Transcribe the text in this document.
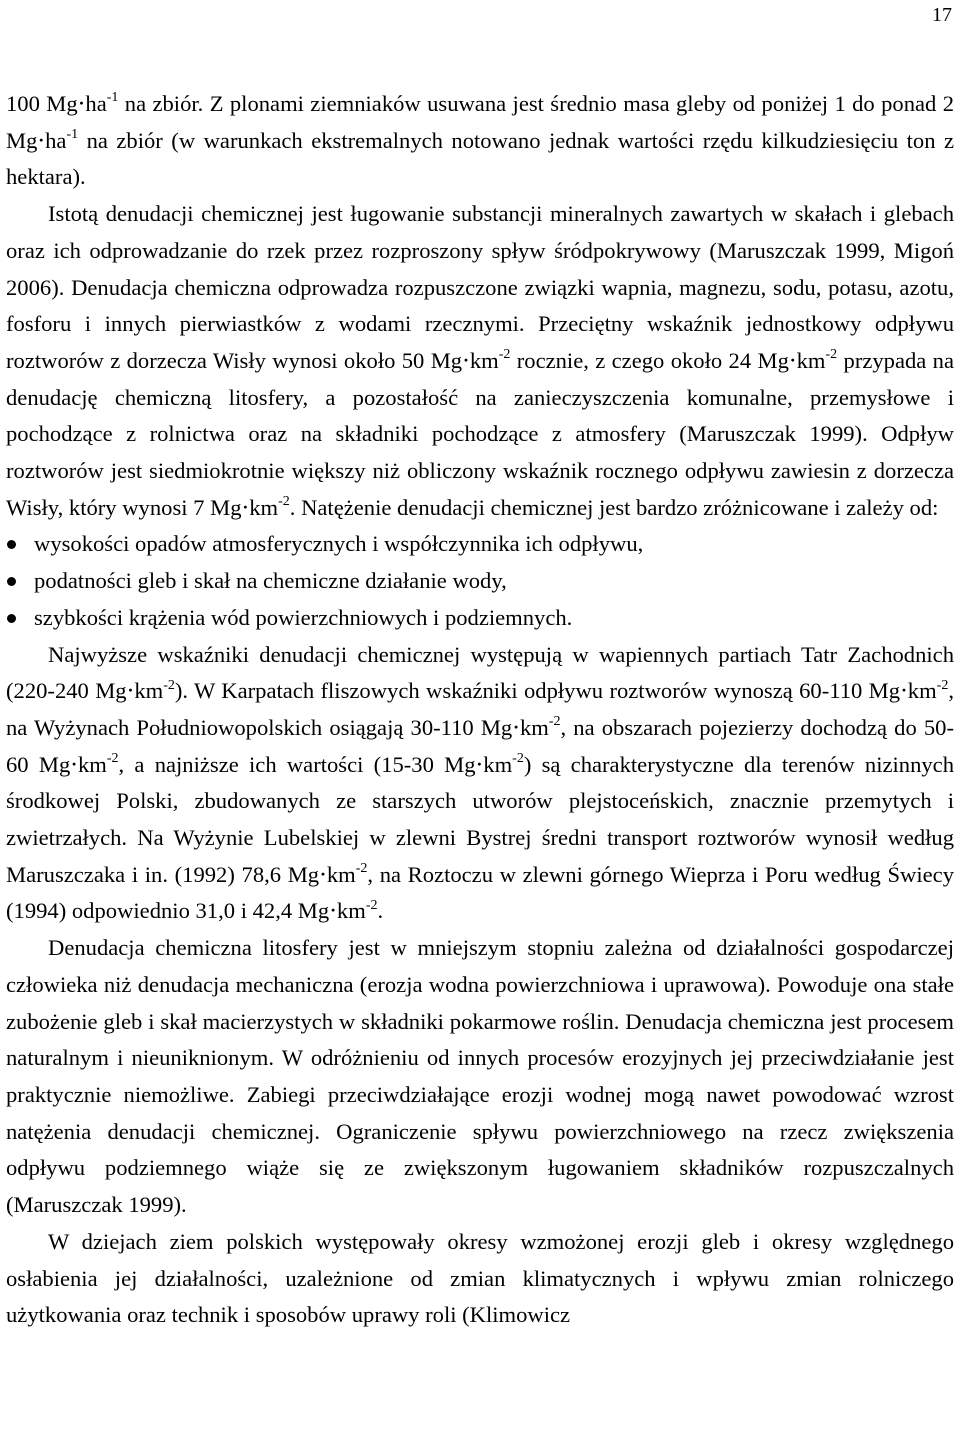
17

100 $Mg\cdot ha^{-1}$ na zbiór. Z plonami ziemniaków usuwana jest średnio masa gleby od poniżej 1 do ponad 2 $Mg\cdot ha^{-1}$ na zbiór (w warunkach ekstremalnych notowano jednak wartości rzędu kilkudziesięciu ton z hektara).

Istotą denudacji chemicznej jest ługowanie substancji mineralnych zawartych w skałach i glebach oraz ich odprowadzanie do rzek przez rozproszony spływ śródpokrywowy (Maruszczak 1999, Migoń 2006). Denudacja chemiczna odprowadza rozpuszczone związki wapnia, magnezu, sodu, potasu, azotu, fosforu i innych pierwiastków z wodami rzecznymi. Przeciętny wskaźnik jednostkowy odpływu roztworów z dorzecza Wisły wynosi około 50 $Mg\cdot km^{-2}$ rocznie, z czego około 24 $Mg\cdot km^{-2}$ przypada na denudację chemiczną litosfery, a pozostałość na zanieczyszczenia komunalne, przemysłowe i pochodzące z rolnictwa oraz na składniki pochodzące z atmosfery (Maruszczak 1999). Odpływ roztworów jest siedmiokrotnie większy niż obliczony wskaźnik rocznego odpływu zawiesin z dorzecza Wisły, który wynosi 7 $Mg\cdot km^{-2}$. Natężenie denudacji chemicznej jest bardzo zróżnicowane i zależy od:

wysokości opadów atmosferycznych i współczynnika ich odpływu,
podatności gleb i skał na chemiczne działanie wody,
szybkości krążenia wód powierzchniowych i podziemnych.

Najwyższe wskaźniki denudacji chemicznej występują w wapiennych partiach Tatr Zachodnich (220-240 $Mg\cdot km^{-2}$). W Karpatach fliszowych wskaźniki odpływu roztworów wynoszą 60-110 $Mg\cdot km^{-2}$, na Wyżynach Południowopolskich osiągają 30-110 $Mg\cdot km^{-2}$, na obszarach pojezierzy dochodzą do 50-60 $Mg\cdot km^{-2}$, a najniższe ich wartości (15-30 $Mg\cdot km^{-2}$) są charakterystyczne dla terenów nizinnych środkowej Polski, zbudowanych ze starszych utworów plejstoceńskich, znacznie przemytych i zwietrzałych. Na Wyżynie Lubelskiej w zlewni Bystrej średni transport roztworów wynosił według Maruszczaka i in. (1992) 78,6 $Mg\cdot km^{-2}$, na Roztoczu w zlewni górnego Wieprza i Poru według Świecy (1994) odpowiednio 31,0 i 42,4 $Mg\cdot km^{-2}$.

Denudacja chemiczna litosfery jest w mniejszym stopniu zależna od działalności gospodarczej człowieka niż denudacja mechaniczna (erozja wodna powierzchniowa i uprawowa). Powoduje ona stałe zubożenie gleb i skał macierzystych w składniki pokarmowe roślin. Denudacja chemiczna jest procesem naturalnym i nieuniknionym. W odróżnieniu od innych procesów erozyjnych jej przeciwdziałanie jest praktycznie niemożliwe. Zabiegi przeciwdziałające erozji wodnej mogą nawet powodować wzrost natężenia denudacji chemicznej. Ograniczenie spływu powierzchniowego na rzecz zwiększenia odpływu podziemnego wiąże się ze zwiększonym ługowaniem składników rozpuszczalnych (Maruszczak 1999).

W dziejach ziem polskich występowały okresy wzmożonej erozji gleb i okresy względnego osłabienia jej działalności, uzależnione od zmian klimatycznych i wpływu zmian rolniczego użytkowania oraz technik i sposobów uprawy roli (Klimowicz
